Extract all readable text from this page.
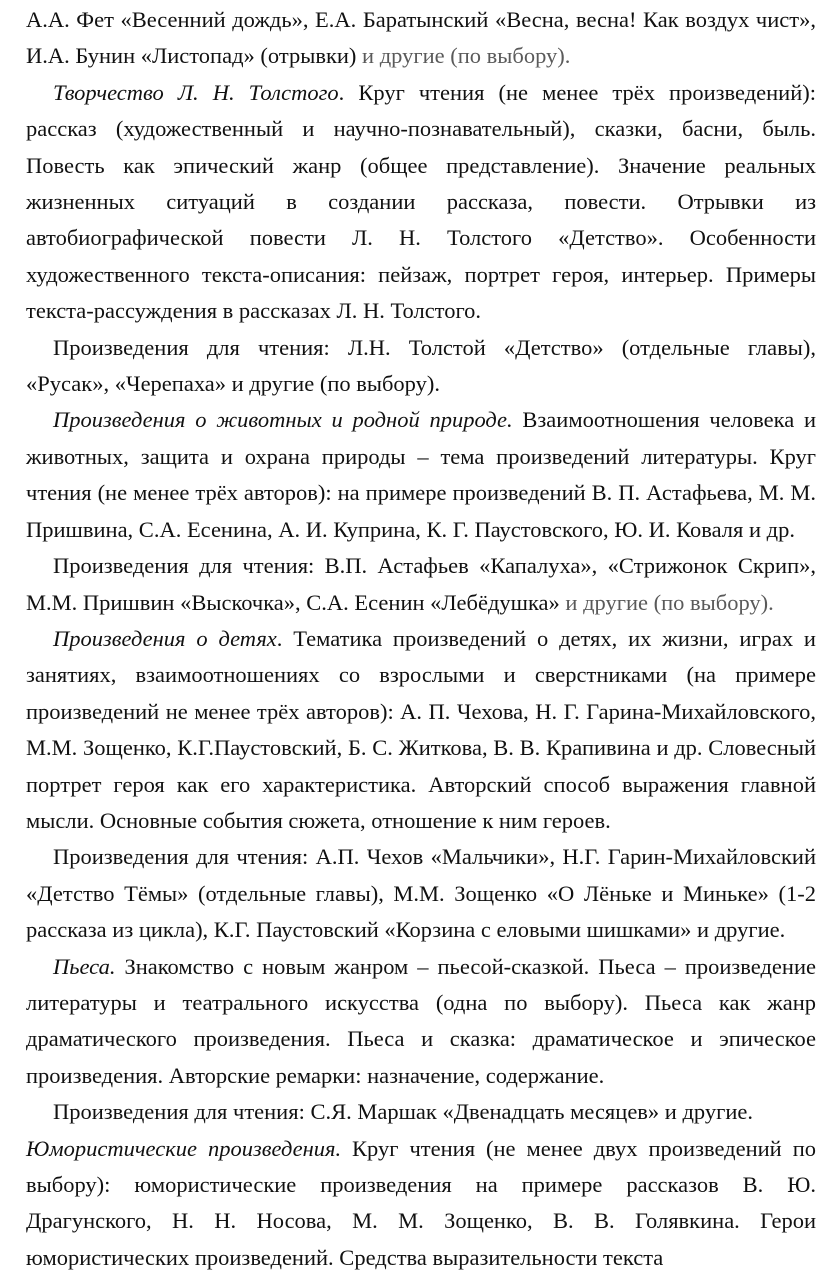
А.А. Фет «Весенний дождь», Е.А. Баратынский «Весна, весна! Как воздух чист», И.А. Бунин «Листопад» (отрывки) и другие (по выбору).

Творчество Л. Н. Толстого. Круг чтения (не менее трёх произведений): рассказ (художественный и научно-познавательный), сказки, басни, быль. Повесть как эпический жанр (общее представление). Значение реальных жизненных ситуаций в создании рассказа, повести. Отрывки из автобиографической повести Л. Н. Толстого «Детство». Особенности художественного текста-описания: пейзаж, портрет героя, интерьер. Примеры текста-рассуждения в рассказах Л. Н. Толстого.

Произведения для чтения: Л.Н. Толстой «Детство» (отдельные главы), «Русак», «Черепаха» и другие (по выбору).

Произведения о животных и родной природе. Взаимоотношения человека и животных, защита и охрана природы – тема произведений литературы. Круг чтения (не менее трёх авторов): на примере произведений В. П. Астафьева, М. М. Пришвина, С.А. Есенина, А. И. Куприна, К. Г. Паустовского, Ю. И. Коваля и др.

Произведения для чтения: В.П. Астафьев «Капалуха», «Стрижонок Скрип», М.М. Пришвин «Выскочка», С.А. Есенин «Лебёдушка» и другие (по выбору).

Произведения о детях. Тематика произведений о детях, их жизни, играх и занятиях, взаимоотношениях со взрослыми и сверстниками (на примере произведений не менее трёх авторов): А. П. Чехова, Н. Г. Гарина-Михайловского, М.М. Зощенко, К.Г.Паустовский, Б. С. Житкова, В. В. Крапивина и др. Словесный портрет героя как его характеристика. Авторский способ выражения главной мысли. Основные события сюжета, отношение к ним героев.

Произведения для чтения: А.П. Чехов «Мальчики», Н.Г. Гарин-Михайловский «Детство Тёмы» (отдельные главы), М.М. Зощенко «О Лёньке и Миньке» (1-2 рассказа из цикла), К.Г. Паустовский «Корзина с еловыми шишками» и другие.

Пьеса. Знакомство с новым жанром – пьесой-сказкой. Пьеса – произведение литературы и театрального искусства (одна по выбору). Пьеса как жанр драматического произведения. Пьеса и сказка: драматическое и эпическое произведения. Авторские ремарки: назначение, содержание.

Произведения для чтения: С.Я. Маршак «Двенадцать месяцев» и другие.

Юмористические произведения. Круг чтения (не менее двух произведений по выбору): юмористические произведения на примере рассказов В. Ю. Драгунского, Н. Н. Носова, М. М. Зощенко, В. В. Голявкина. Герои юмористических произведений. Средства выразительности текста
